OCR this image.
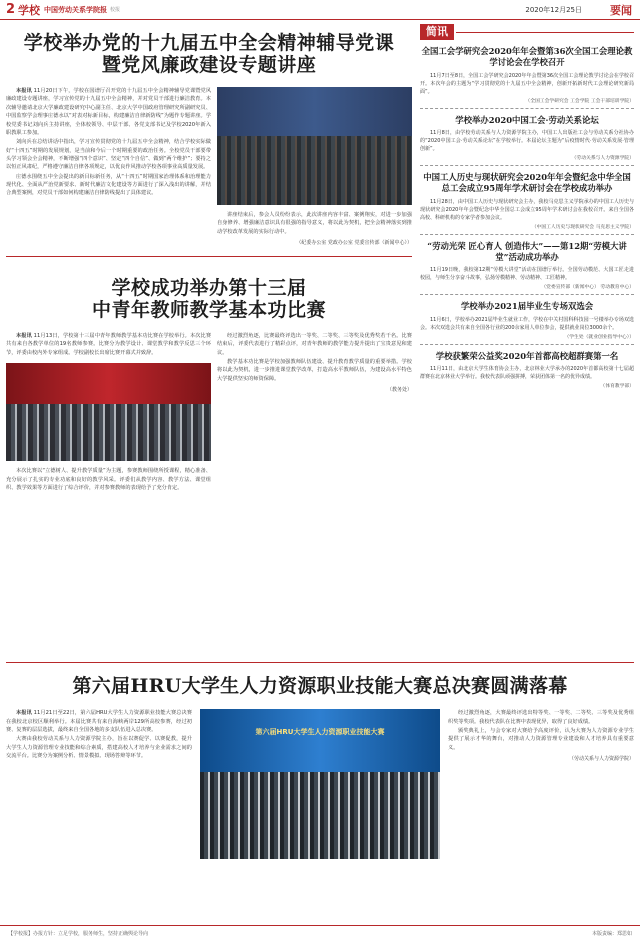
2 学校 中国劳动关系学院报 校报	2020年12月25日	要闻
学校举办党的十九届五中全会精神辅导党课
暨党风廉政建设专题讲座

本报讯 11月20日下午，学校在国谱厅召开党的十九届五中全会精神辅导党课暨党风廉政建设专题讲座，学习宣传党的十九届五中全会精神，并对党员干部进行廉洁教育。本次辅导邀请北京大学廉政建设研究中心副主任、北京大学中国政府管理研究所副研究员、中国监察学会理事庄德水以“对表对标新目标，构建廉洁自律新防线”为题作专题讲座。学校党委书记刘向兵主持讲座，全体校领导、中层干部、各党支部书记及学校2020年新入职教职工参加。

刘向兵在总结讲话中指出，学习宣传贯彻党的十九届五中全会精神，结合学校实际做好“十四五”时期的发展规划，是当前和今后一个时期重要的政治任务。全校党员干部要带头学习领会全会精神，不断增强“四个意识”、坚定“四个自信”、做到“两个维护”；要持之以恒正风肃纪，严格遵守廉洁自律各项规定，以优良作风推动学校各项事业高质量发展。

庄德水围绕五中全会提出的新目标新任务，从“十四五”时期国家治理体系和治理能力现代化、全面从严治党新要求、新时代廉洁文化建设等方面进行了深入浅出的讲解，并结合典型案例，对党员干部如何构建廉洁自律防线提出了具体建议。

讲座结束后，参会人员纷纷表示，此次讲座内容丰富、案例翔实，对进一步加强自身修养、增强廉洁意识具有很强的指导意义，将以此为契机，把全会精神落实到推动学校改革发展的实际行动中。

（纪委办公室 党政办公室 党委宣传部（新闻中心））
学校成功举办第十三届
中青年教师教学基本功比赛

本报讯 11月13日，学校第十三届中青年教师教学基本功比赛在学校举行。本次比赛共有来自各教学单位的19名教师参赛。比赛分为教学设计、课堂教学和教学反思三个环节，评委由校内外专家组成。学校副校长出席比赛开幕式并致辞。

本次比赛以“立德树人、提升教学质量”为主题，参赛教师围绕所授课程，精心准备、充分展示了扎实的专业功底和良好的教学风采。评委们从教学内容、教学方法、课堂组织、教学效果等方面进行了综合评价，并对参赛教师的表现给予了充分肯定。

经过激烈角逐，比赛最终评选出一等奖、二等奖、三等奖及优秀奖若干名。比赛结束后，评委代表进行了精彩点评，对青年教师的教学能力提升提出了宝贵意见和建议。

教学基本功比赛是学校加强教师队伍建设、提升教育教学质量的重要举措。学校将以此为契机，进一步推进课堂教学改革，打造高水平教师队伍，为建设高水平特色大学提供坚实的师资保障。

（教务处）
简讯
全国工会学研究会2020年年会暨第36次全国工会理论教学讨论会在学校召开

11月7日至8日，全国工会学研究会2020年年会暨第36次全国工会理论教学讨论会在学校召开。本次年会的主题为“学习贯彻党的十九届五中全会精神，创新开拓新时代工会理论研究新局面”。

（全国工会学研究会 工会学院 工会干部培训学院）
学校举办2020中国工会·劳动关系论坛

11月8日，由学校劳动关系与人力资源学院主办，中国工人出版社工会与劳动关系分社协办的“2020中国工会·劳动关系论坛”在学校举行。本届论坛主题为“后疫情时代·劳动关系发展·管理创新”。

（劳动关系与人力资源学院）
中国工人历史与现状研究会2020年年会暨纪念中华全国总工会成立95周年学术研讨会在学校成功举办

11月28日，由中国工人历史与现状研究会主办，我校马克思主义学院承办的中国工人历史与现状研究会2020年年会暨纪念中华全国总工会成立95周年学术研讨会在我校召开。来自全国各高校、科研机构的专家学者参加会议。

（中国工人历史与现状研究会 马克思主义学院）
“劳动光荣 匠心育人 创造伟大”——第12期“劳模大讲堂”活动成功举办

11月19日晚，我校第12期“劳模大讲堂”活动在国谱厅举行。全国劳动模范、大国工匠走进校园，与师生分享奋斗故事，弘扬劳模精神、劳动精神、工匠精神。

（党委宣传部（新闻中心） 劳动教育中心）
学校举办2021届毕业生专场双选会

11月6日，学校举办2021届毕业生就业工作，学校在中关村国科科技园一号楼举办专场双选会。本次双选会共有来自全国各行业的200余家用人单位参会，提供就业岗位3000余个。

（学生处（就业创业指导中心））
学校获繁荣公益奖2020年首都高校超群赛第一名

11月11日，由北京大学生体育协会主办，北京林业大学承办的2020年首都高校第十七届超群赛在北京林业大学举行。我校代表队顽强拼搏，荣获团体第一名的优异成绩。

（体育教学部）
第六届HRU大学生人力资源职业技能大赛总决赛圆满落幕

本报讯 11月21日至22日，第六届HRU大学生人力资源职业技能大赛总决赛在我校北京校区顺利举行。本届比赛共有来自海峡两岸129所高校参赛，经过初赛、复赛的层层选拔，最终来自全国各地的多支队伍进入总决赛。

大赛由我校劳动关系与人力资源学院主办，旨在以赛促学、以赛促教，提升大学生人力资源管理专业技能和综合素质，搭建高校人才培养与企业需求之间的交流平台。比赛分为案例分析、情景模拟、现场答辩等环节。

第六届HRU大学生人力资源职业技能大赛

经过激烈角逐，大赛最终评选出特等奖、一等奖、二等奖、三等奖及优秀组织奖等奖项。我校代表队在比赛中表现优异，取得了良好成绩。

颁奖典礼上，与会专家对大赛给予高度评价，认为大赛为人力资源专业学生提供了展示才华的舞台，对推动人力资源管理专业建设和人才培养具有重要意义。

（劳动关系与人力资源学院）
【学校报】办报方针：立足学校，服务师生，坚持正确舆论导向	本版责编：郑思如
